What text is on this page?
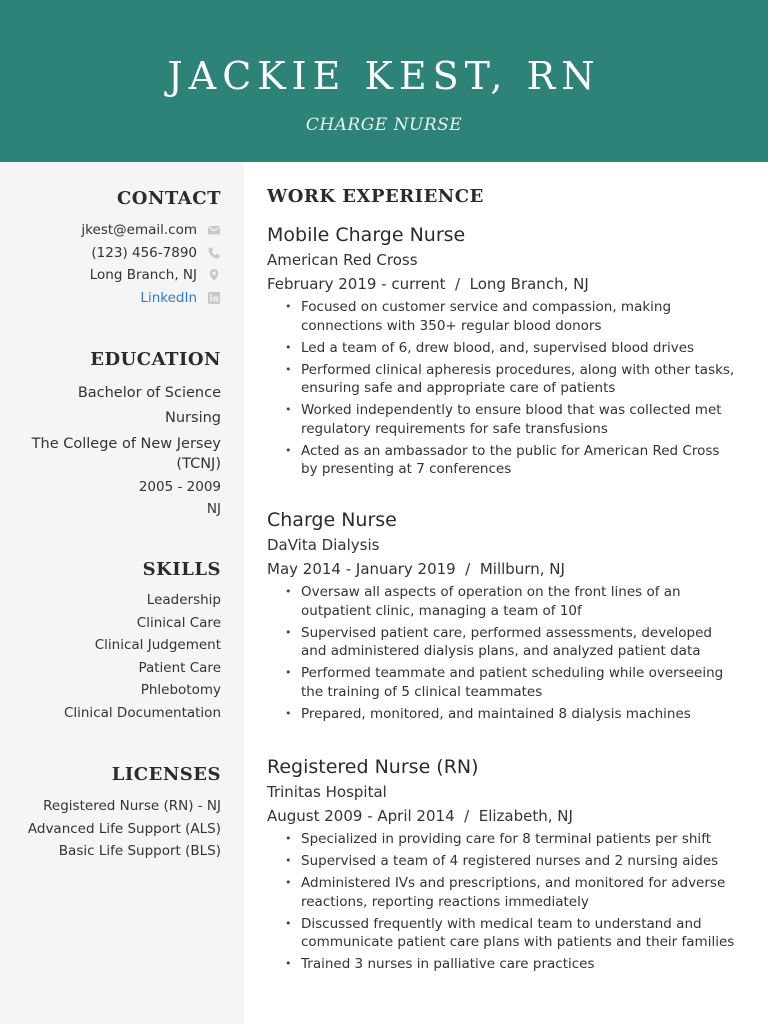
JACKIE KEST, RN
CHARGE NURSE
CONTACT
jkest@email.com
(123) 456-7890
Long Branch, NJ
LinkedIn
EDUCATION
Bachelor of Science
Nursing
The College of New Jersey
(TCNJ)
2005 - 2009
NJ
SKILLS
Leadership
Clinical Care
Clinical Judgement
Patient Care
Phlebotomy
Clinical Documentation
LICENSES
Registered Nurse (RN) - NJ
Advanced Life Support (ALS)
Basic Life Support (BLS)
WORK EXPERIENCE
Mobile Charge Nurse
American Red Cross
February 2019 - current  /  Long Branch, NJ
• Focused on customer service and compassion, making connections with 350+ regular blood donors
• Led a team of 6, drew blood, and, supervised blood drives
• Performed clinical apheresis procedures, along with other tasks, ensuring safe and appropriate care of patients
• Worked independently to ensure blood that was collected met regulatory requirements for safe transfusions
• Acted as an ambassador to the public for American Red Cross by presenting at 7 conferences
Charge Nurse
DaVita Dialysis
May 2014 - January 2019  /  Millburn, NJ
• Oversaw all aspects of operation on the front lines of an outpatient clinic, managing a team of 10f
• Supervised patient care, performed assessments, developed and administered dialysis plans, and analyzed patient data
• Performed teammate and patient scheduling while overseeing the training of 5 clinical teammates
• Prepared, monitored, and maintained 8 dialysis machines
Registered Nurse (RN)
Trinitas Hospital
August 2009 - April 2014  /  Elizabeth, NJ
• Specialized in providing care for 8 terminal patients per shift
• Supervised a team of 4 registered nurses and 2 nursing aides
• Administered IVs and prescriptions, and monitored for adverse reactions, reporting reactions immediately
• Discussed frequently with medical team to understand and communicate patient care plans with patients and their families
• Trained 3 nurses in palliative care practices
